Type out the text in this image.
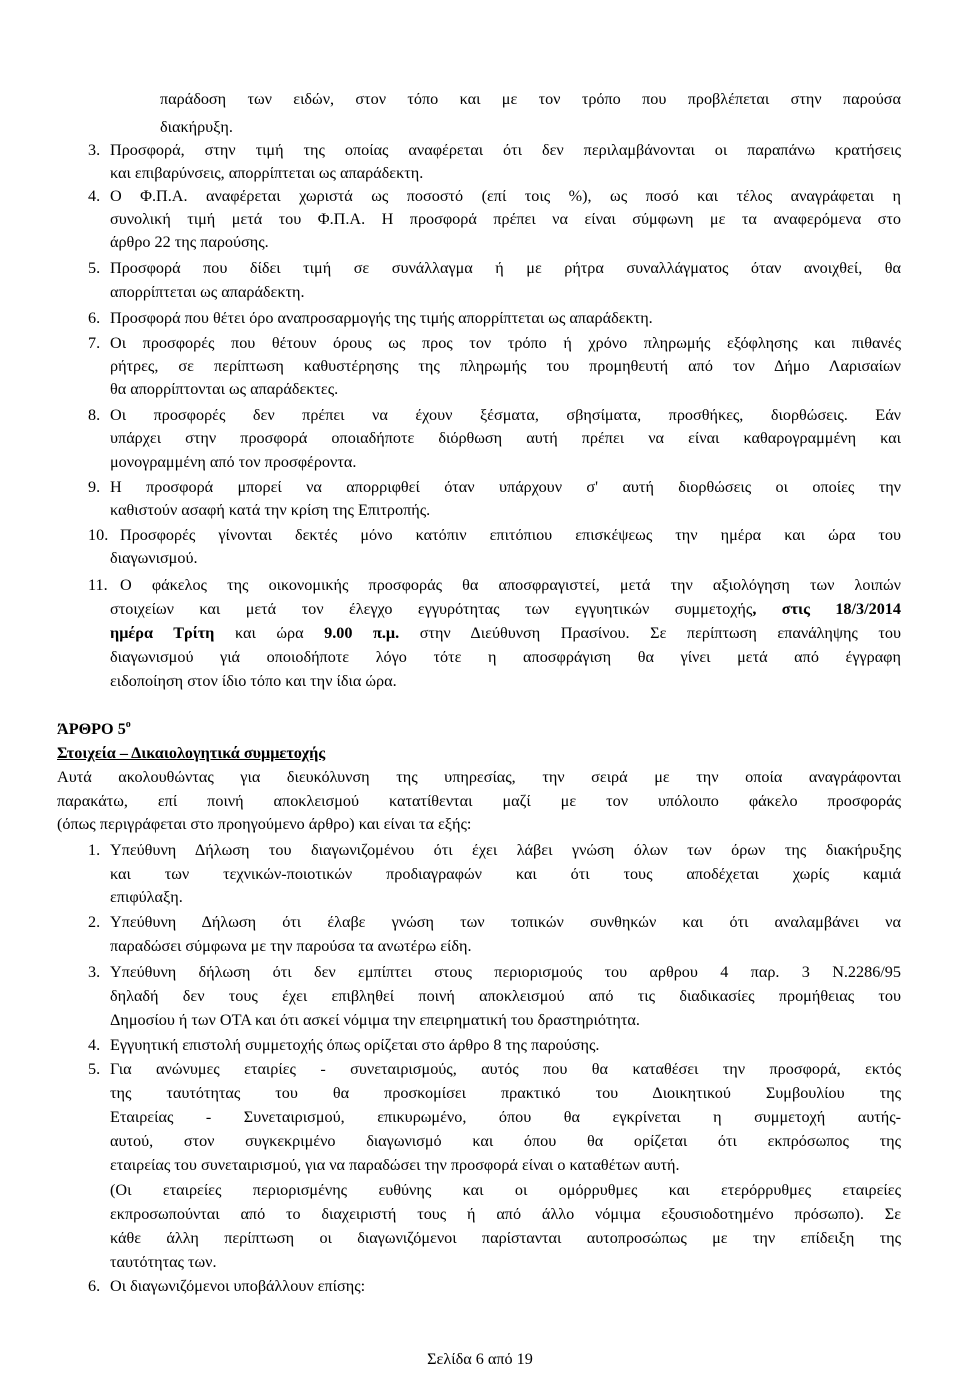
παράδοση των ειδών, στον τόπο και με τον τρόπο που προβλέπεται στην παρούσα
διακήρυξη.
3. Προσφορά, στην τιμή της οποίας αναφέρεται ότι δεν περιλαμβάνονται οι παραπάνω κρατήσεις
και επιβαρύνσεις, απορρίπτεται ως απαράδεκτη.
4. Ο Φ.Π.Α. αναφέρεται χωριστά ως ποσοστό (επί τοις %), ως ποσό και τέλος αναγράφεται η
συνολική τιμή μετά του Φ.Π.Α. Η προσφορά πρέπει να είναι σύμφωνη με τα αναφερόμενα στο
άρθρο 22 της παρούσης.
5. Προσφορά που δίδει τιμή σε συνάλλαγμα ή με ρήτρα συναλλάγματος όταν ανοιχθεί, θα
απορρίπτεται ως απαράδεκτη.
6. Προσφορά που θέτει όρο αναπροσαρμογής της τιμής απορρίπτεται ως απαράδεκτη.
7. Οι προσφορές που θέτουν όρους ως προς τον τρόπο ή χρόνο πληρωμής εξόφλησης και πιθανές
ρήτρες, σε περίπτωση καθυστέρησης της πληρωμής του προμηθευτή από τον Δήμο Λαρισαίων
θα απορρίπτονται ως απαράδεκτες.
8. Οι προσφορές δεν πρέπει να έχουν ξέσματα, σβησίματα, προσθήκες, διορθώσεις. Εάν
υπάρχει στην προσφορά οποιαδήποτε διόρθωση αυτή πρέπει να είναι καθαρογραμμένη και
μονογραμμένη από τον προσφέροντα.
9. Η προσφορά μπορεί να απορριφθεί όταν υπάρχουν σ' αυτή διορθώσεις οι οποίες την
καθιστούν ασαφή κατά την κρίση της Επιτροπής.
10. Προσφορές γίνονται δεκτές μόνο κατόπιν επιτόπιου επισκέψεως την ημέρα και ώρα του
διαγωνισμού.
11. Ο φάκελος της οικονομικής προσφοράς θα αποσφραγιστεί, μετά την αξιολόγηση των λοιπών
στοιχείων και μετά τον έλεγχο εγγυρότητας των εγγυητικών συμμετοχής, στις 18/3/2014
ημέρα Τρίτη και ώρα 9.00 π.μ. στην Διεύθυνση Πρασίνου. Σε περίπτωση επανάληψης του
διαγωνισμού γιά οποιοδήποτε λόγο τότε η αποσφράγιση θα γίνει μετά από έγγραφη
ειδοποίηση στον ίδιο τόπο και την ίδια ώρα.
ΆΡΘΡΟ $5^o$
Στοιχεία – Δικαιολογητικά συμμετοχής
Αυτά ακολουθώντας για διευκόλυνση της υπηρεσίας, την σειρά με την οποία αναγράφονται
παρακάτω, επί ποινή αποκλεισμού κατατίθενται μαζί με τον υπόλοιπο φάκελο προσφοράς
(όπως περιγράφεται στο προηγούμενο άρθρο) και είναι τα εξής:
1. Υπεύθυνη Δήλωση του διαγωνιζομένου ότι έχει λάβει γνώση όλων των όρων της διακήρυξης
και των τεχνικών-ποιοτικών προδιαγραφών και ότι τους αποδέχεται χωρίς καμιά
επιφύλαξη.
2. Υπεύθυνη Δήλωση ότι έλαβε γνώση των τοπικών συνθηκών και ότι αναλαμβάνει να
παραδώσει σύμφωνα με την παρούσα τα ανωτέρω είδη.
3. Υπεύθυνη δήλωση ότι δεν εμπίπτει στους περιορισμούς του αρθρου 4 παρ. 3 Ν.2286/95
δηλαδή δεν τους έχει επιβληθεί ποινή αποκλεισμού από τις διαδικασίες προμήθειας του
Δημοσίου ή των ΟΤΑ και ότι ασκεί νόμιμα την επειρηματική του δραστηριότητα.
4. Εγγυητική επιστολή συμμετοχής όπως ορίζεται στο άρθρο 8 της παρούσης.
5. Για ανώνυμες εταιρίες - συνεταιρισμούς, αυτός που θα καταθέσει την προσφορά, εκτός
της ταυτότητας του θα προσκομίσει πρακτικό του Διοικητικού Συμβουλίου της
Εταιρείας - Συνεταιρισμού, επικυρωμένο, όπου θα εγκρίνεται η συμμετοχή αυτής-
αυτού, στον συγκεκριμένο διαγωνισμό και όπου θα ορίζεται ότι εκπρόσωπος της
εταιρείας του συνεταιρισμού, για να παραδώσει την προσφορά είναι ο καταθέτων αυτή.
(Οι εταιρείες περιορισμένης ευθύνης και οι ομόρρυθμες και ετερόρρυθμες εταιρείες
εκπροσωπούνται από το διαχειριστή τους ή από άλλο νόμιμα εξουσιοδοτημένο πρόσωπο). Σε
κάθε άλλη περίπτωση οι διαγωνιζόμενοι παρίστανται αυτοπροσώπως με την επίδειξη της
ταυτότητας των.
6. Οι διαγωνιζόμενοι υποβάλλουν επίσης:
Σελίδα 6 από 19
